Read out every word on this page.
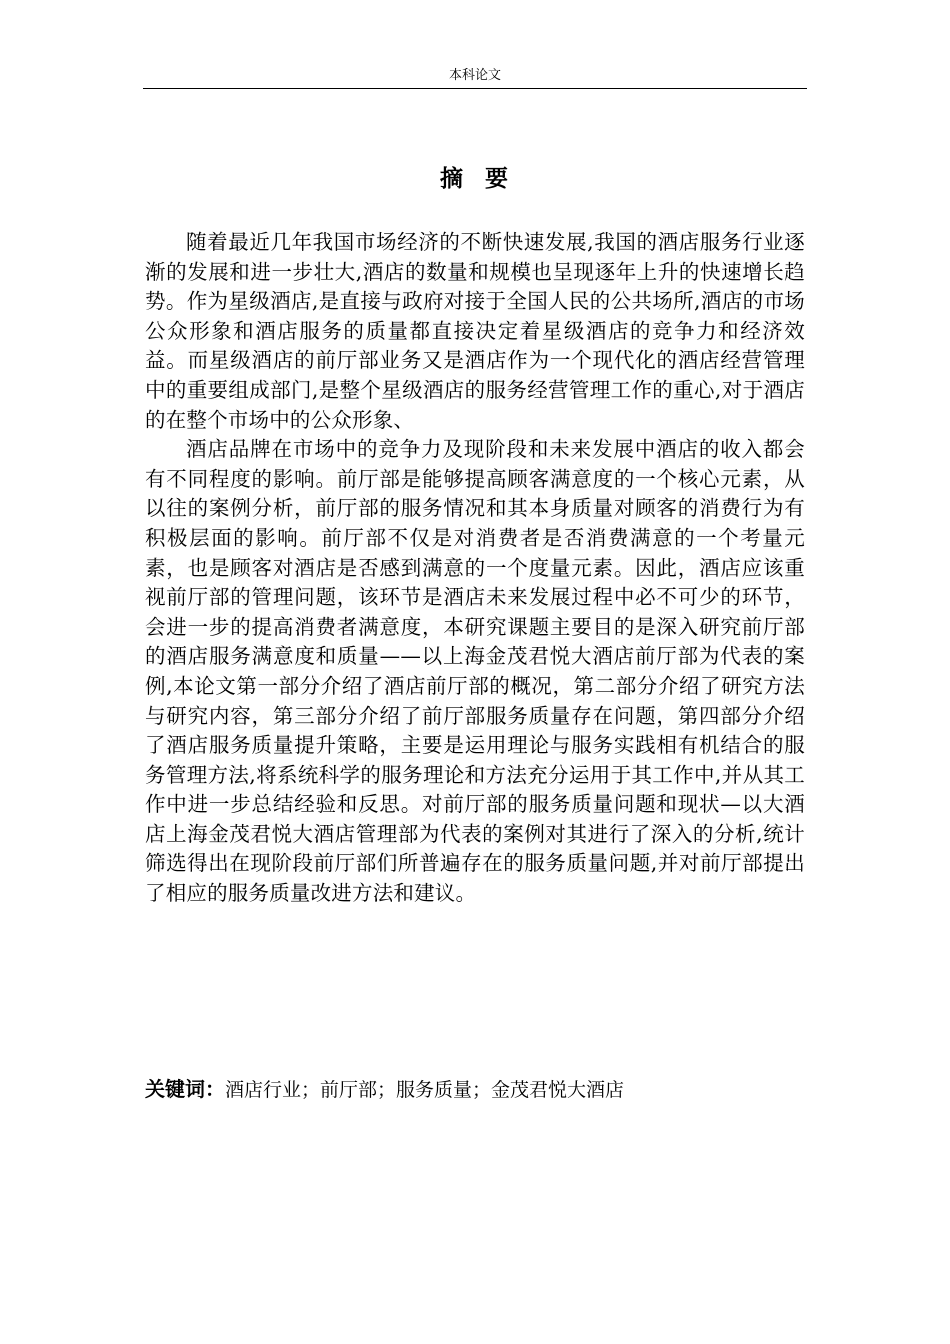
本科论文
摘  要

随着最近几年我国市场经济的不断快速发展,我国的酒店服务行业逐渐的发展和进一步壮大,酒店的数量和规模也呈现逐年上升的快速增长趋势。作为星级酒店,是直接与政府对接于全国人民的公共场所,酒店的市场公众形象和酒店服务的质量都直接决定着星级酒店的竞争力和经济效益。而星级酒店的前厅部业务又是酒店作为一个现代化的酒店经营管理中的重要组成部门,是整个星级酒店的服务经营管理工作的重心,对于酒店的在整个市场中的公众形象、

酒店品牌在市场中的竞争力及现阶段和未来发展中酒店的收入都会有不同程度的影响。前厅部是能够提高顾客满意度的一个核心元素，从以往的案例分析，前厅部的服务情况和其本身质量对顾客的消费行为有积极层面的影响。前厅部不仅是对消费者是否消费满意的一个考量元素，也是顾客对酒店是否感到满意的一个度量元素。因此，酒店应该重视前厅部的管理问题，该环节是酒店未来发展过程中必不可少的环节，会进一步的提高消费者满意度，本研究课题主要目的是深入研究前厅部的酒店服务满意度和质量——以上海金茂君悦大酒店前厅部为代表的案例,本论文第一部分介绍了酒店前厅部的概况，第二部分介绍了研究方法与研究内容，第三部分介绍了前厅部服务质量存在问题，第四部分介绍了酒店服务质量提升策略，主要是运用理论与服务实践相有机结合的服务管理方法,将系统科学的服务理论和方法充分运用于其工作中,并从其工作中进一步总结经验和反思。对前厅部的服务质量问题和现状—以大酒店上海金茂君悦大酒店管理部为代表的案例对其进行了深入的分析,统计筛选得出在现阶段前厅部们所普遍存在的服务质量问题,并对前厅部提出了相应的服务质量改进方法和建议。

关键词：酒店行业；前厅部；服务质量；金茂君悦大酒店
